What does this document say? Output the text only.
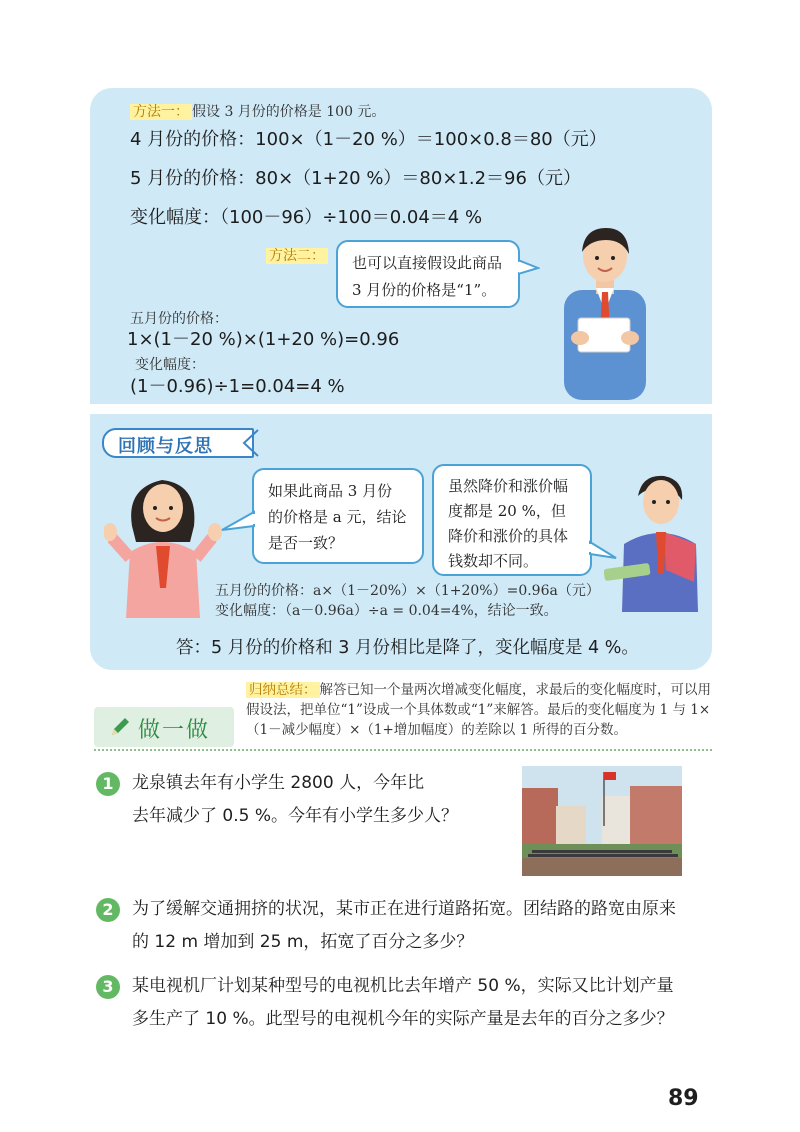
方法一： 假设 3 月份的价格是 100 元。
4 月份的价格：100×（1－20 %）＝100×0.8＝80（元）
5 月份的价格：80×（1+20 %）＝80×1.2＝96（元）
变化幅度：（100－96）÷100＝0.04＝4 %
方法二： 也可以直接假设此商品

3 月份的价格是“1”。

五月份的价格：
1×(1－20 %)×(1+20 %)=0.96
变化幅度：
(1－0.96)÷1=0.04=4 %
回顾与反思

如果此商品 3 月份

的价格是 a 元，结论

是否一致？

虽然降价和涨价幅

度都是 20 %，但

降价和涨价的具体

钱数却不同。

五月份的价格：a×（1－20%）×（1+20%）=0.96a（元）
变化幅度：（a－0.96a）÷a = 0.04=4%，结论一致。
答：5 月份的价格和 3 月份相比是降了，变化幅度是 4 %。
归纳总结： 解答已知一个量两次增减变化幅度，求最后的变化幅度时，可以用假设法，把单位“1”设成一个具体数或“1”来解答。最后的变化幅度为 1 与 1×（1－减少幅度）×（1+增加幅度）的差除以 1 所得的百分数。
做一做
1	龙泉镇去年有小学生 2800 人，今年比
去年减少了 0.5 %。今年有小学生多少人？
2	为了缓解交通拥挤的状况，某市正在进行道路拓宽。团结路的路宽由原来
的 12 m 增加到 25 m，拓宽了百分之多少？
3	某电视机厂计划某种型号的电视机比去年增产 50 %，实际又比计划产量
多生产了 10 %。此型号的电视机今年的实际产量是去年的百分之多少？
89
